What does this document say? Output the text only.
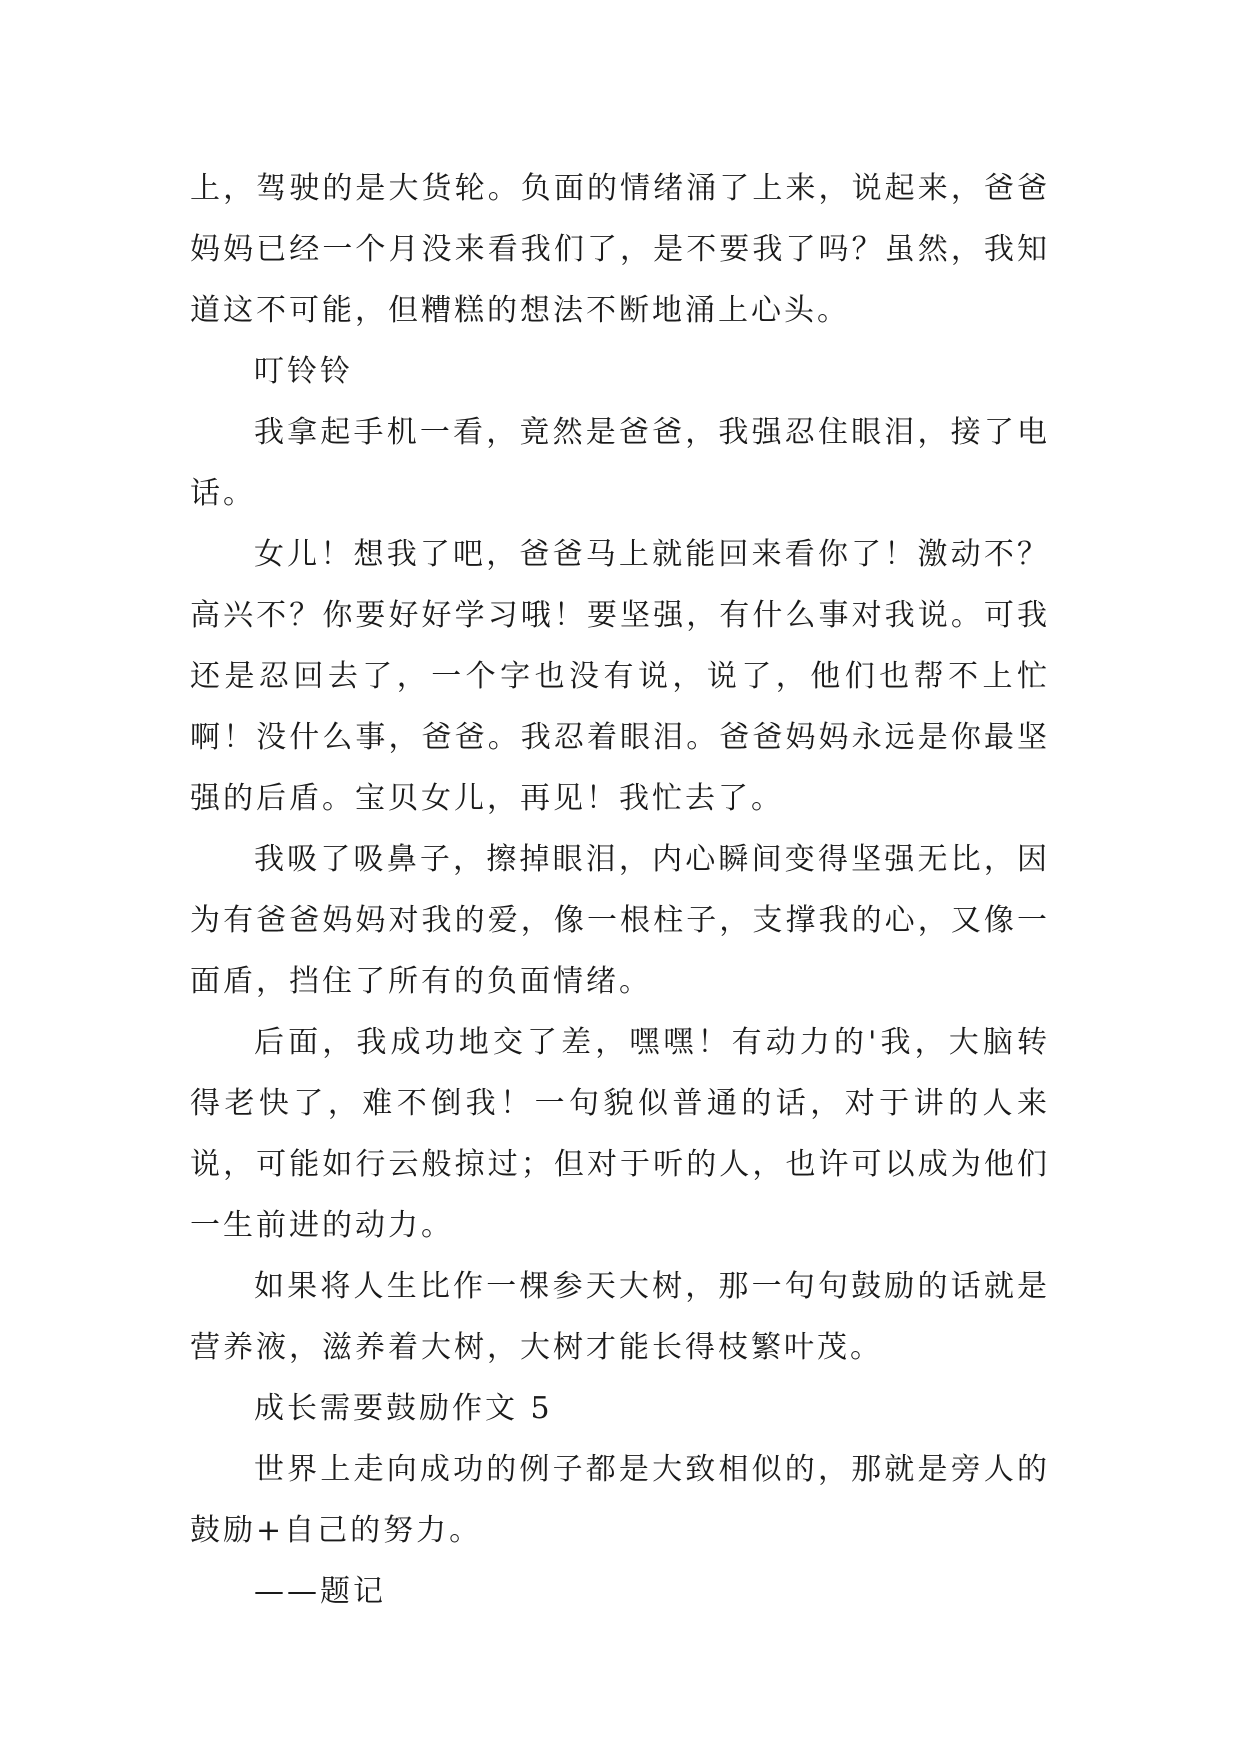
上，驾驶的是大货轮。负面的情绪涌了上来，说起来，爸爸妈妈已经一个月没来看我们了，是不要我了吗？虽然，我知道这不可能，但糟糕的想法不断地涌上心头。

叮铃铃

我拿起手机一看，竟然是爸爸，我强忍住眼泪，接了电话。

女儿！想我了吧，爸爸马上就能回来看你了！激动不？高兴不？你要好好学习哦！要坚强，有什么事对我说。可我还是忍回去了，一个字也没有说，说了，他们也帮不上忙啊！没什么事，爸爸。我忍着眼泪。爸爸妈妈永远是你最坚强的后盾。宝贝女儿，再见！我忙去了。

我吸了吸鼻子，擦掉眼泪，内心瞬间变得坚强无比，因为有爸爸妈妈对我的爱，像一根柱子，支撑我的心，又像一面盾，挡住了所有的负面情绪。

后面，我成功地交了差，嘿嘿！有动力的'我，大脑转得老快了，难不倒我！一句貌似普通的话，对于讲的人来说，可能如行云般掠过；但对于听的人，也许可以成为他们一生前进的动力。

如果将人生比作一棵参天大树，那一句句鼓励的话就是营养液，滋养着大树，大树才能长得枝繁叶茂。

成长需要鼓励作文 5

世界上走向成功的例子都是大致相似的，那就是旁人的鼓励+自己的努力。

——题记
